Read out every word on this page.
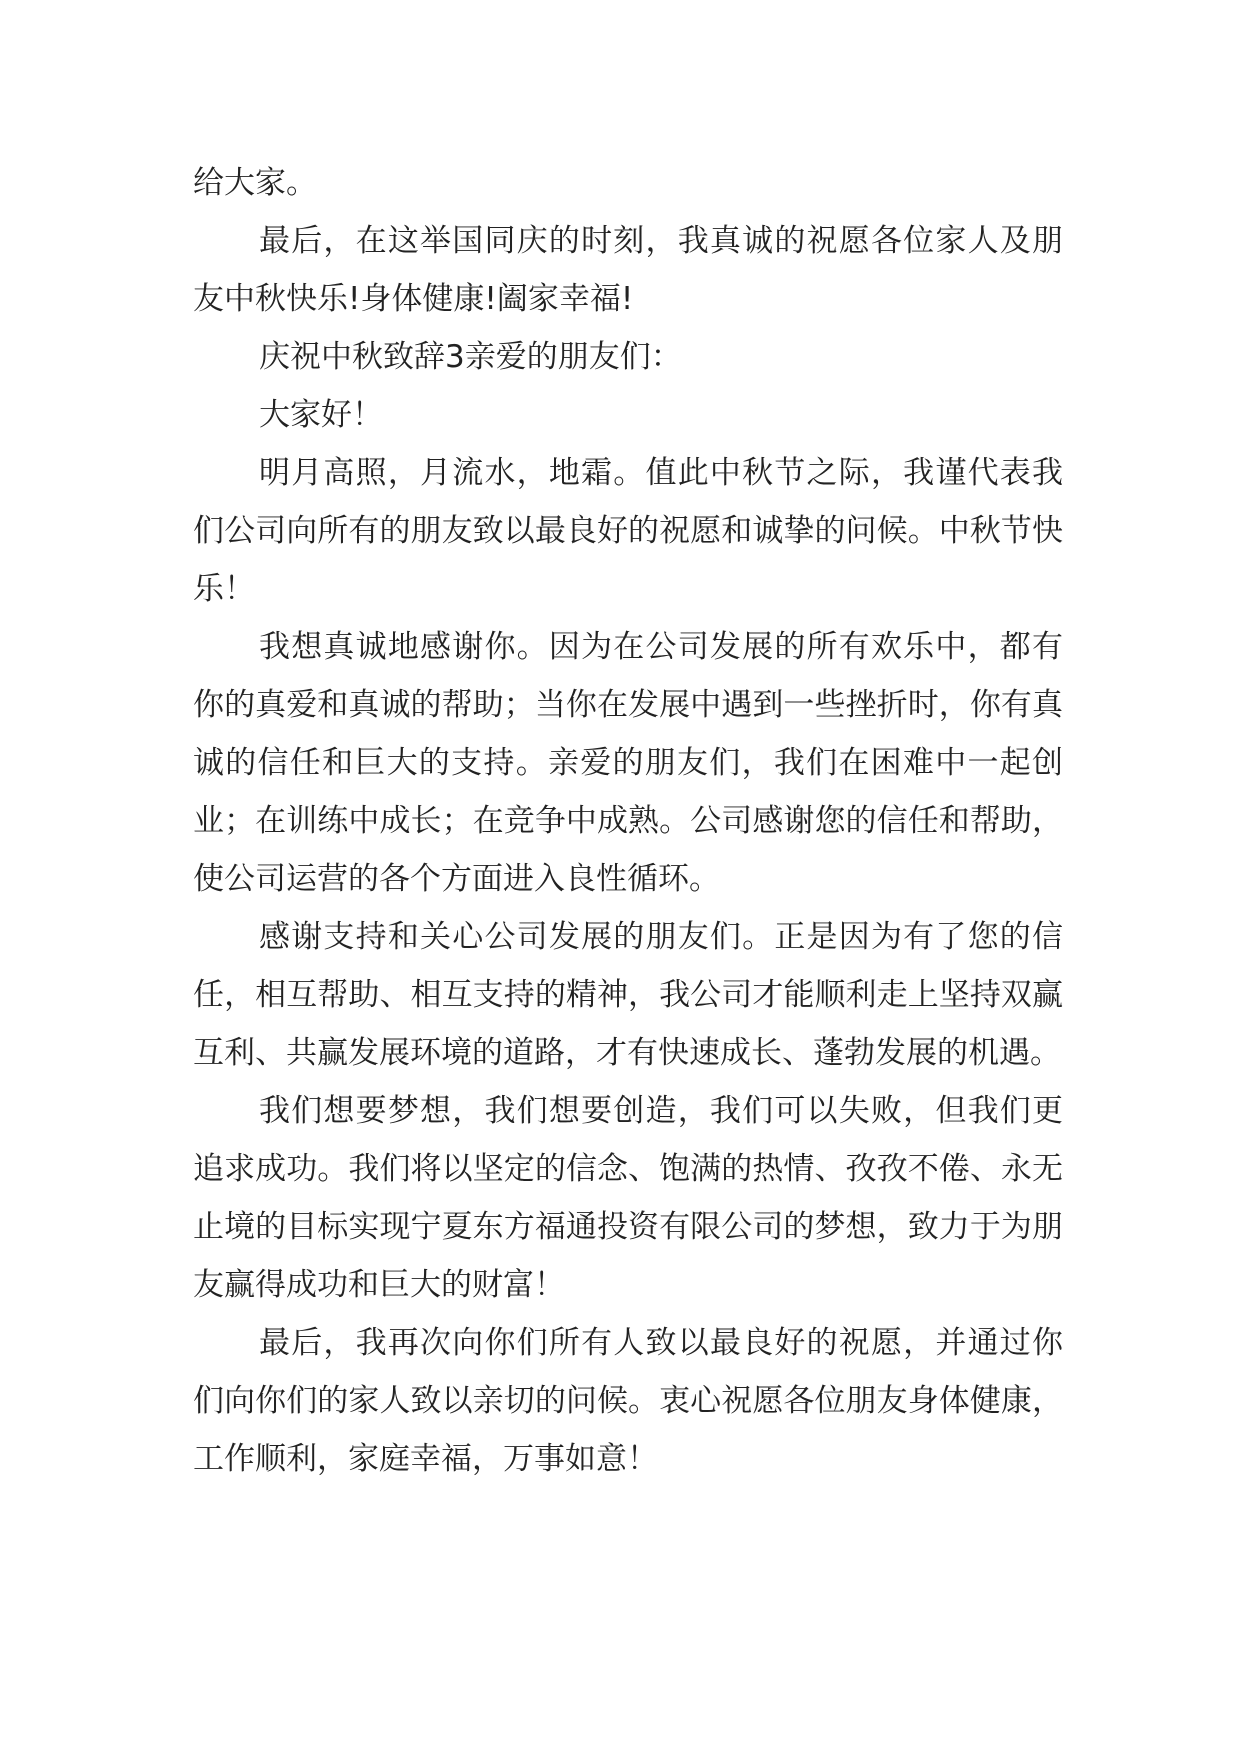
给大家。

最后，在这举国同庆的时刻，我真诚的祝愿各位家人及朋友中秋快乐!身体健康!阖家幸福!

庆祝中秋致辞3亲爱的朋友们：

大家好！

明月高照，月流水，地霜。值此中秋节之际，我谨代表我们公司向所有的朋友致以最良好的祝愿和诚挚的问候。中秋节快乐！

我想真诚地感谢你。因为在公司发展的所有欢乐中，都有你的真爱和真诚的帮助；当你在发展中遇到一些挫折时，你有真诚的信任和巨大的支持。亲爱的朋友们，我们在困难中一起创业；在训练中成长；在竞争中成熟。公司感谢您的信任和帮助，使公司运营的各个方面进入良性循环。

感谢支持和关心公司发展的朋友们。正是因为有了您的信任，相互帮助、相互支持的精神，我公司才能顺利走上坚持双赢互利、共赢发展环境的道路，才有快速成长、蓬勃发展的机遇。

我们想要梦想，我们想要创造，我们可以失败，但我们更追求成功。我们将以坚定的信念、饱满的热情、孜孜不倦、永无止境的目标实现宁夏东方福通投资有限公司的梦想，致力于为朋友赢得成功和巨大的财富！

最后，我再次向你们所有人致以最良好的祝愿，并通过你们向你们的家人致以亲切的问候。衷心祝愿各位朋友身体健康，工作顺利，家庭幸福，万事如意！
